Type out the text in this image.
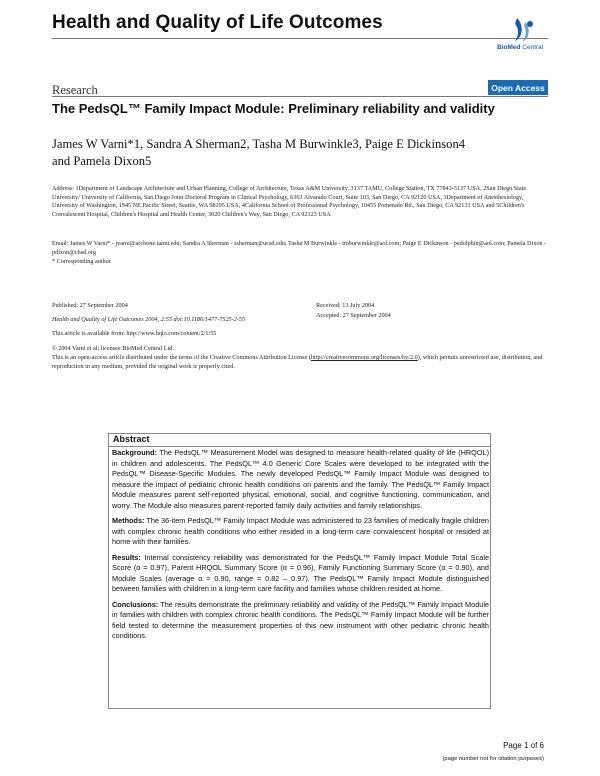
Health and Quality of Life Outcomes
BioMed Central
Research	Open Access
The PedsQL™ Family Impact Module: Preliminary reliability and validity
James W Varni*1, Sandra A Sherman2, Tasha M Burwinkle3, Paige E Dickinson4 and Pamela Dixon5
Address: 1Department of Landscape Architecture and Urban Planning, College of Architecture, Texas A&M University, 3137 TAMU, College Station, TX 77843-3137 USA, 2San Diego State University/ University of California, San Diego Joint Doctoral Program in Clinical Psychology, 6363 Alvarado Court, Suite 103, San Diego, CA 92120 USA, 3Department of Anesthesiology, University of Washington, 1945 NE Pacific Street, Seattle, WA 98195 USA, 4California School of Professional Psychology, 10455 Pomerado Rd., San Diego, CA 92131 USA and 5Children's Convalescent Hospital, Children's Hospital and Health Center, 3020 Children's Way, San Diego, CA 92123 USA
Email: James W Varni* - jvarni@archone.tamu.edu; Sandra A Sherman - ssherman@ucsd.edu; Tasha M Burwinkle - tmburwinkle@aol.com; Paige E Dickinson - pedolphin@aol.com; Pamela Dixon - pdixon@chsd.org
* Corresponding author
Published: 27 September 2004	Received: 13 July 2004
Accepted: 27 September 2004
Health and Quality of Life Outcomes 2004, 2:55 doi:10.1186/1477-7525-2-55
This article is available from: http://www.hqlo.com/content/2/1/55
© 2004 Varni et al; licensee BioMed Central Ltd.
This is an open-access article distributed under the terms of the Creative Commons Attribution License (http://creativecommons.org/licenses/by/2.0), which permits unrestricted use, distribution, and reproduction in any medium, provided the original work is properly cited.
Abstract

Background: The PedsQL™ Measurement Model was designed to measure health-related quality of life (HRQOL) in children and adolescents. The PedsQL™ 4.0 Generic Core Scales were developed to be integrated with the PedsQL™ Disease-Specific Modules. The newly developed PedsQL™ Family Impact Module was designed to measure the impact of pediatric chronic health conditions on parents and the family. The PedsQL™ Family Impact Module measures parent self-reported physical, emotional, social, and cognitive functioning, communication, and worry. The Module also measures parent-reported family daily activities and family relationships.

Methods: The 36-item PedsQL™ Family Impact Module was administered to 23 families of medically fragile children with complex chronic health conditions who either resided in a long-term care convalescent hospital or resided at home with their families.

Results: Internal consistency reliability was demonstrated for the PedsQL™ Family Impact Module Total Scale Score (α = 0.97), Parent HRQOL Summary Score (α = 0.96), Family Functioning Summary Score (α = 0.90), and Module Scales (average α = 0.90, range = 0.82 – 0.97). The PedsQL™ Family Impact Module distinguished between families with children in a long-term care facility and families whose children resided at home.

Conclusions: The results demonstrate the preliminary reliability and validity of the PedsQL™ Family Impact Module in families with children with complex chronic health conditions. The PedsQL™ Family Impact Module will be further field tested to determine the measurement properties of this new instrument with other pediatric chronic health conditions.

Page 1 of 6
(page number not for citation purposes)
